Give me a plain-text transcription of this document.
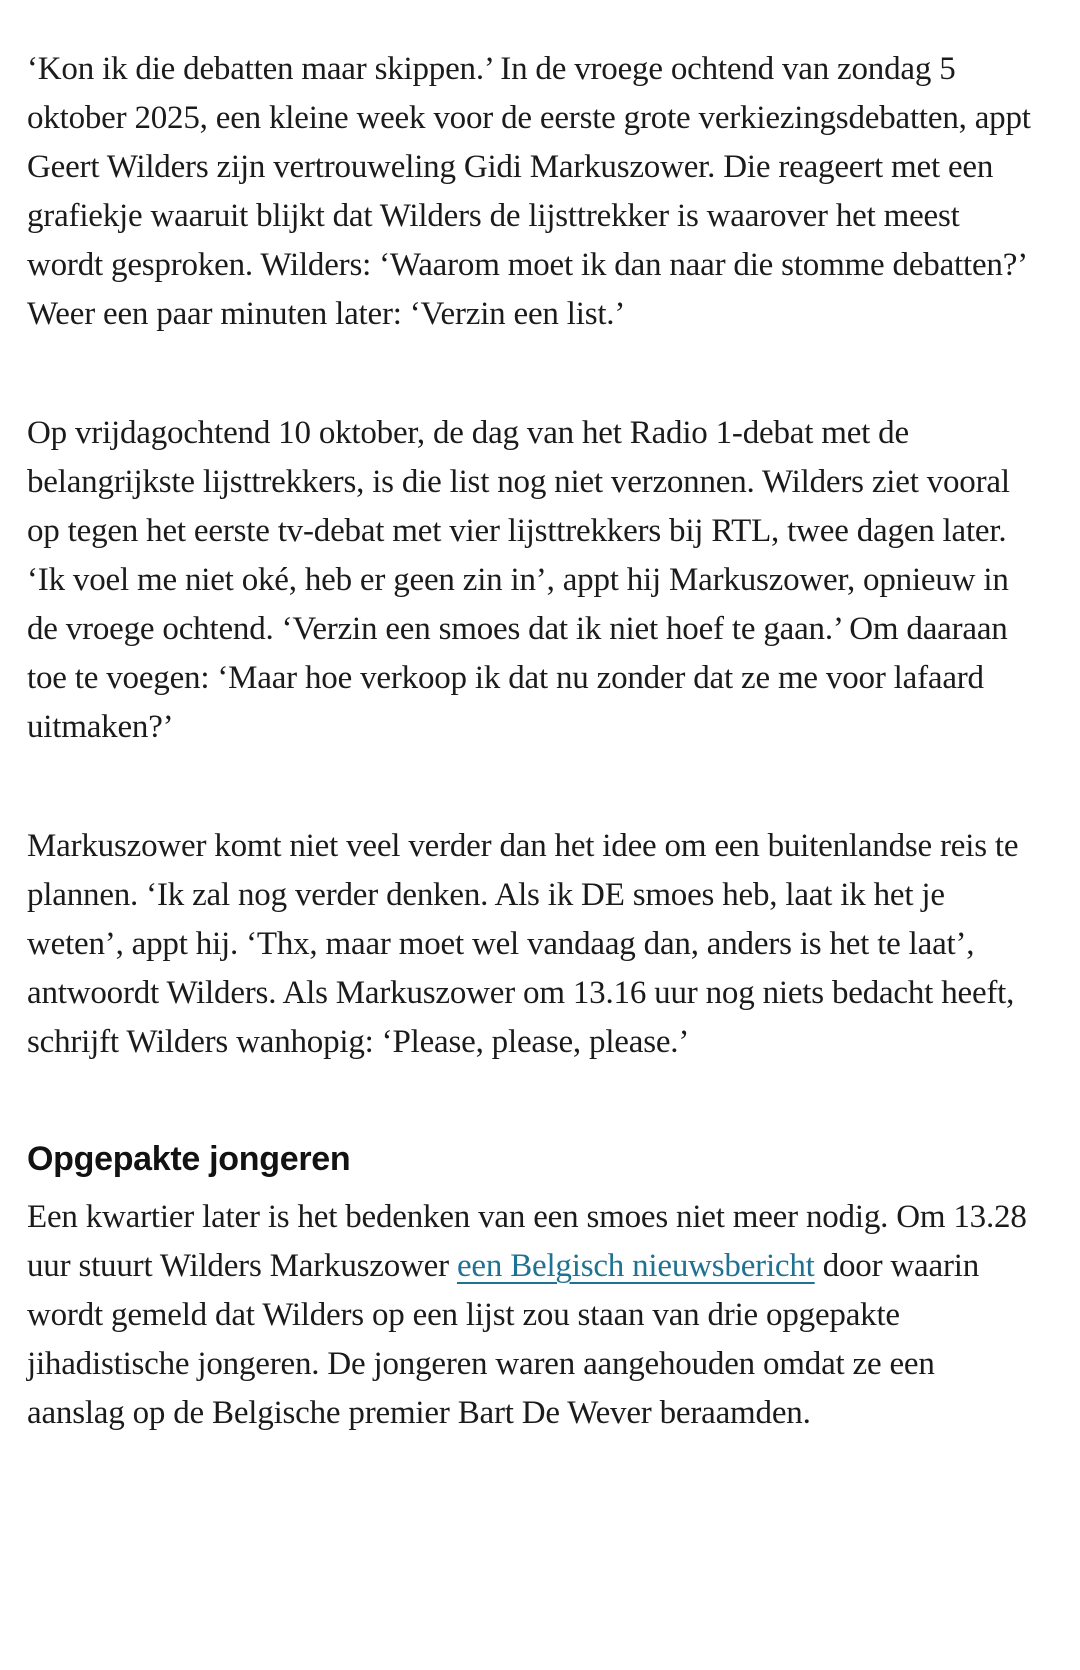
‘Kon ik die debatten maar skippen.’ In de vroege ochtend van zondag 5 oktober 2025, een kleine week voor de eerste grote verkiezingsdebatten, appt Geert Wilders zijn vertrouweling Gidi Markuszower. Die reageert met een grafiekje waaruit blijkt dat Wilders de lijsttrekker is waarover het meest wordt gesproken. Wilders: ‘Waarom moet ik dan naar die stomme debatten?’ Weer een paar minuten later: ‘Verzin een list.’

Op vrijdagochtend 10 oktober, de dag van het Radio 1-debat met de belangrijkste lijsttrekkers, is die list nog niet verzonnen. Wilders ziet vooral op tegen het eerste tv-debat met vier lijsttrekkers bij RTL, twee dagen later. ‘Ik voel me niet oké, heb er geen zin in’, appt hij Markuszower, opnieuw in de vroege ochtend. ‘Verzin een smoes dat ik niet hoef te gaan.’ Om daaraan toe te voegen: ‘Maar hoe verkoop ik dat nu zonder dat ze me voor lafaard uitmaken?’

Markuszower komt niet veel verder dan het idee om een buitenlandse reis te plannen. ‘Ik zal nog verder denken. Als ik DE smoes heb, laat ik het je weten’, appt hij. ‘Thx, maar moet wel vandaag dan, anders is het te laat’, antwoordt Wilders. Als Markuszower om 13.16 uur nog niets bedacht heeft, schrijft Wilders wanhopig: ‘Please, please, please.’

Opgepakte jongeren

Een kwartier later is het bedenken van een smoes niet meer nodig. Om 13.28 uur stuurt Wilders Markuszower een Belgisch nieuwsbericht door waarin wordt gemeld dat Wilders op een lijst zou staan van drie opgepakte jihadistische jongeren. De jongeren waren aangehouden omdat ze een aanslag op de Belgische premier Bart De Wever beraamden.
